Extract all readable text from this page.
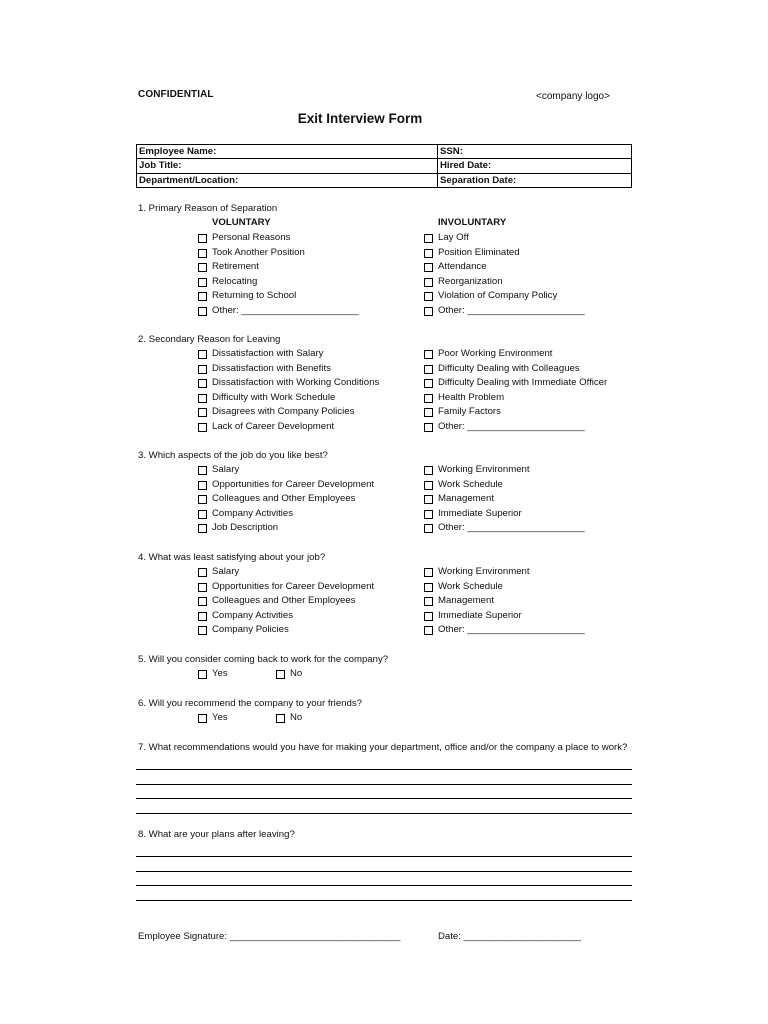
CONFIDENTIAL	<company logo>
Exit Interview Form
Employee Name:	SSN:
Job Title:	Hired Date:
Department/Location:	Separation Date:
1. Primary Reason of Separation
VOLUNTARY	INVOLUNTARY
Personal Reasons
Took Another Position
Retirement
Relocating
Returning to School
Other: ______________________
Lay Off
Position Eliminated
Attendance
Reorganization
Violation of Company Policy
Other: ______________________
2. Secondary Reason for Leaving
Dissatisfaction with Salary
Dissatisfaction with Benefits
Dissatisfaction with Working Conditions
Difficulty with Work Schedule
Disagrees with Company Policies
Lack of Career Development
Poor Working Environment
Difficulty Dealing with Colleagues
Difficulty Dealing with Immediate Officer
Health Problem
Family Factors
Other: ______________________
3. Which aspects of the job do you like best?
Salary
Opportunities for Career Development
Colleagues and Other Employees
Company Activities
Job Description
Working Environment
Work Schedule
Management
Immediate Superior
Other: ______________________
4. What was least satisfying about your job?
Salary
Opportunities for Career Development
Colleagues and Other Employees
Company Activities
Company Policies
Working Environment
Work Schedule
Management
Immediate Superior
Other: ______________________
5. Will you consider coming back to work for the company?
Yes	No
6. Will you recommend the company to your friends?
Yes	No
7. What recommendations would you have for making your department, office and/or the company a place to work?
8. What are your plans after leaving?
Employee Signature: ________________________________	Date: ______________________
